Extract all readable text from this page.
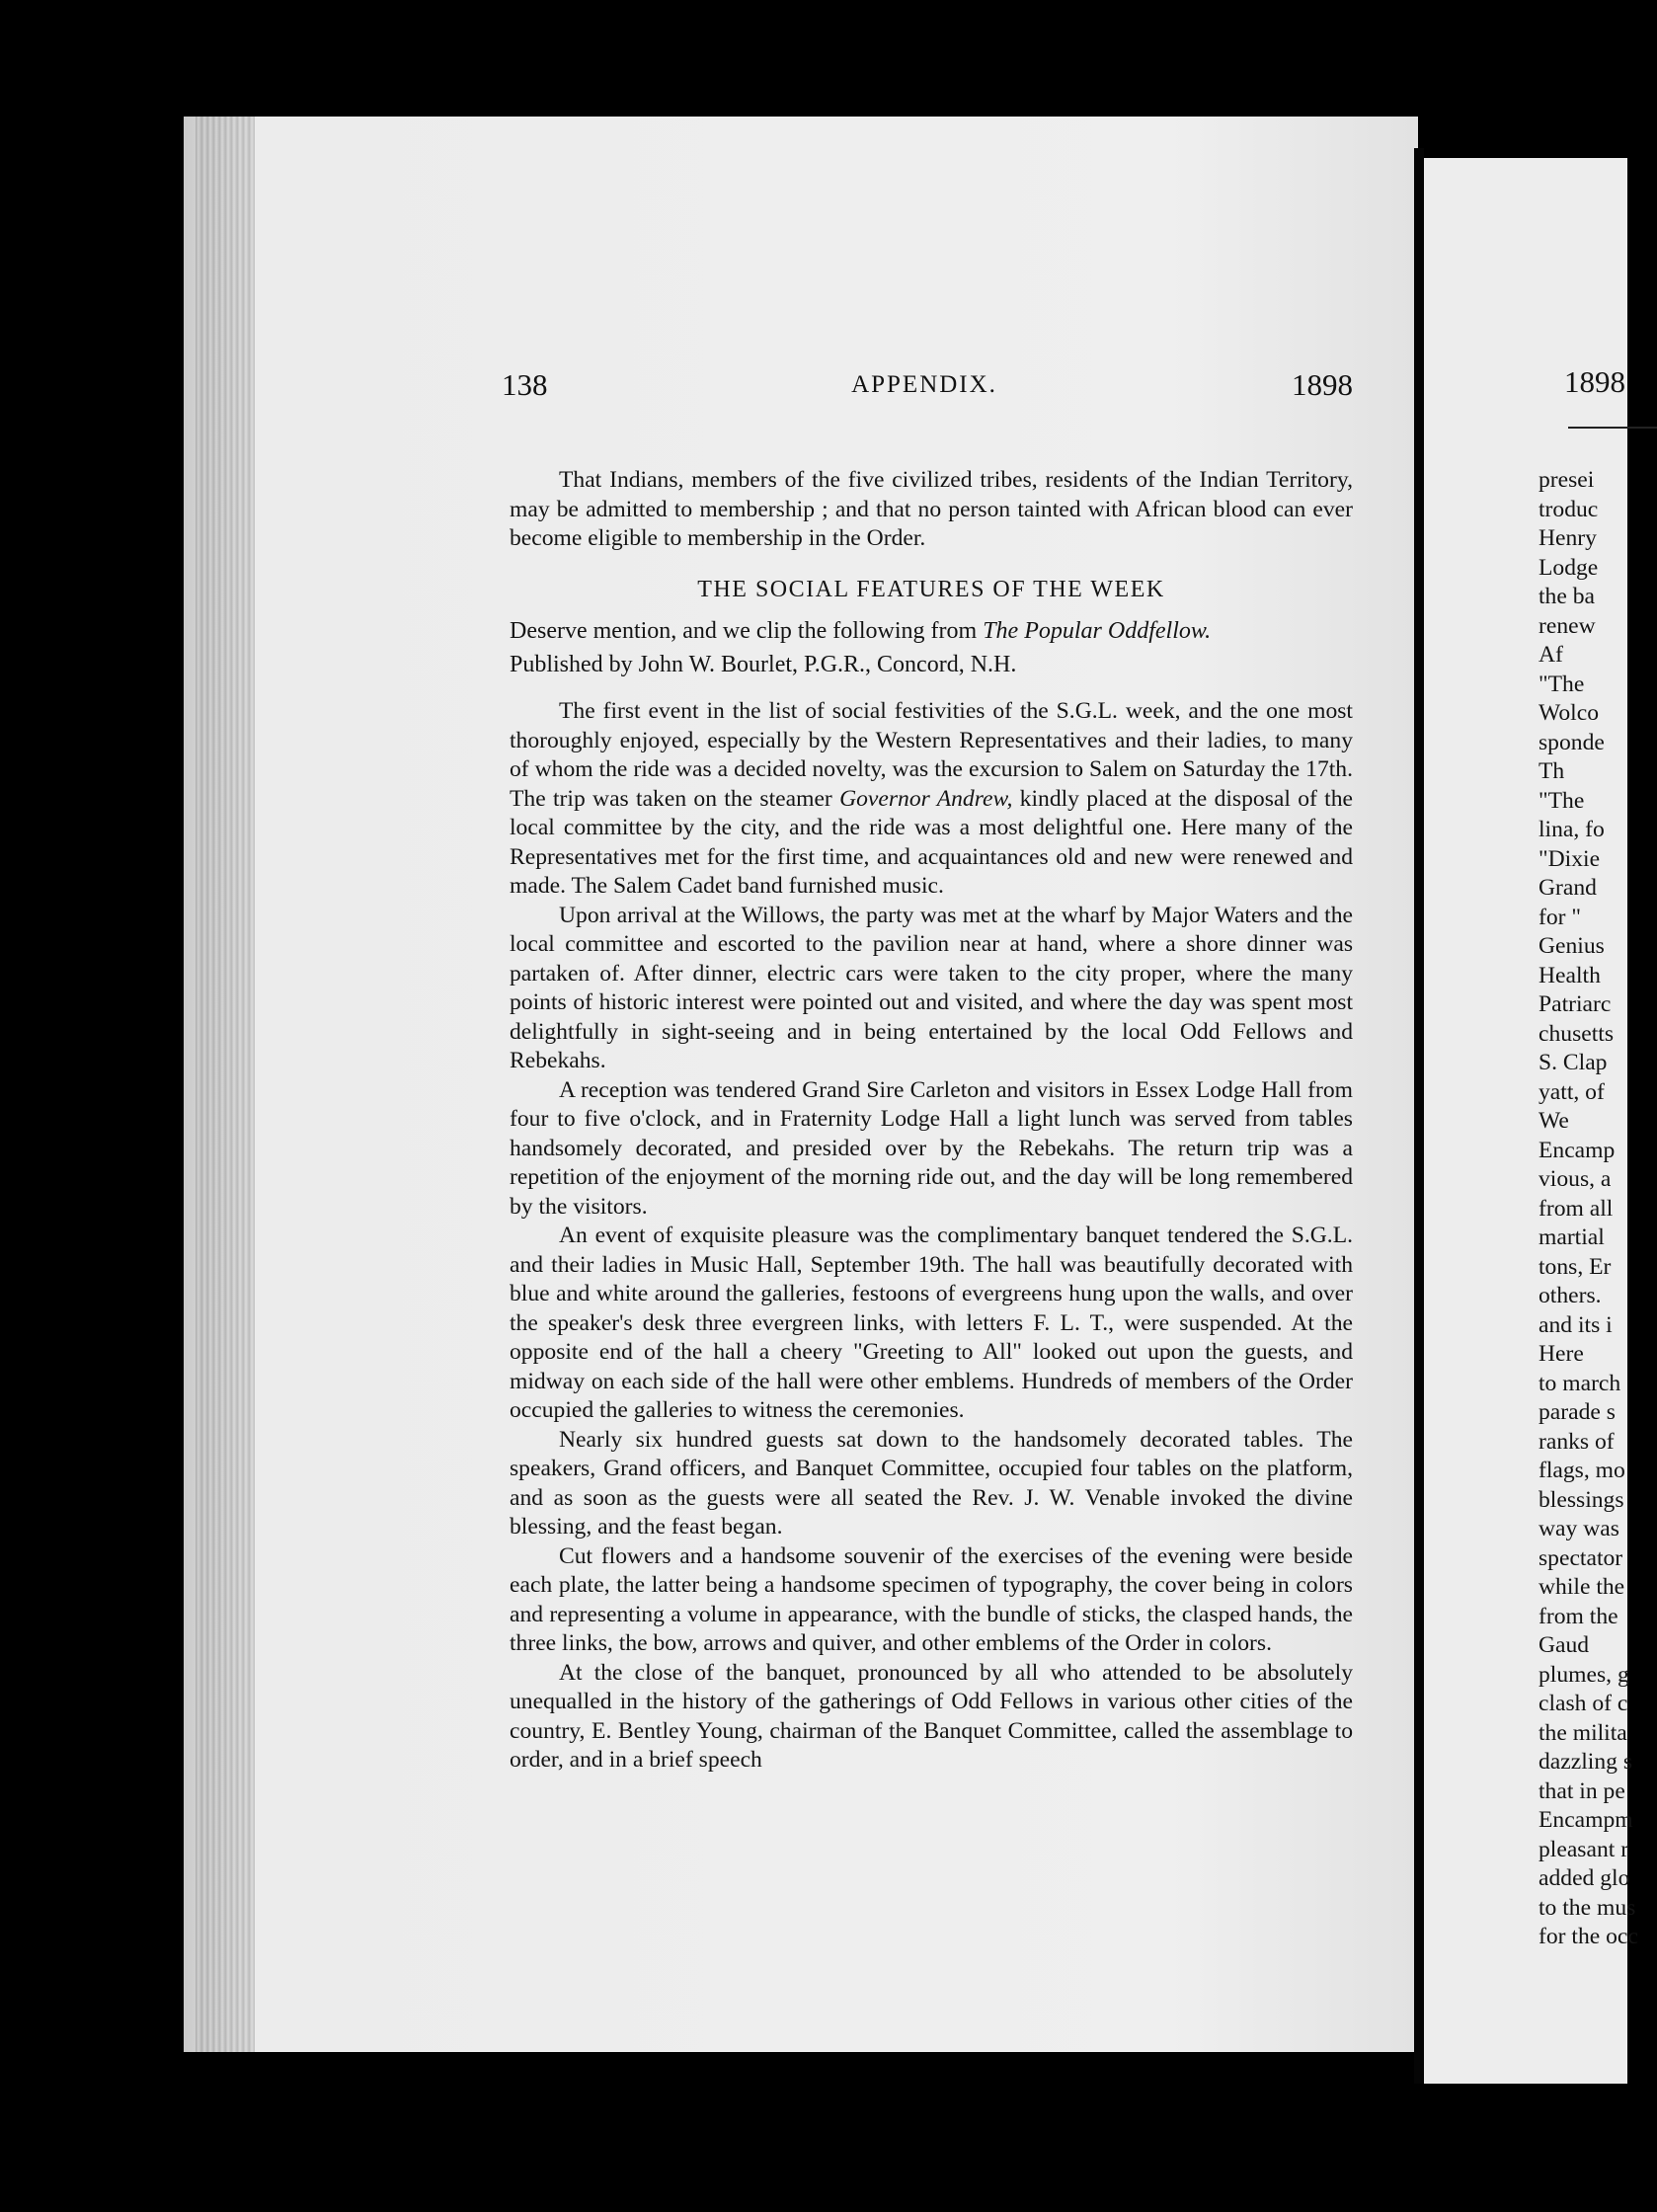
138	APPENDIX.	1898

That Indians, members of the five civilized tribes, residents of the Indian Territory, may be admitted to membership ; and that no person tainted with African blood can ever become eligible to membership in the Order.

THE SOCIAL FEATURES OF THE WEEK

Deserve mention, and we clip the following from The Popular Oddfellow.
Published by John W. Bourlet, P.G.R., Concord, N.H.

The first event in the list of social festivities of the S.G.L. week, and the one most thoroughly enjoyed, especially by the Western Representatives and their ladies, to many of whom the ride was a decided novelty, was the excursion to Salem on Saturday the 17th. The trip was taken on the steamer Governor Andrew, kindly placed at the disposal of the local committee by the city, and the ride was a most delightful one. Here many of the Representatives met for the first time, and acquaintances old and new were renewed and made. The Salem Cadet band furnished music.

Upon arrival at the Willows, the party was met at the wharf by Major Waters and the local committee and escorted to the pavilion near at hand, where a shore dinner was partaken of. After dinner, electric cars were taken to the city proper, where the many points of historic interest were pointed out and visited, and where the day was spent most delightfully in sight-seeing and in being entertained by the local Odd Fellows and Rebekahs.

A reception was tendered Grand Sire Carleton and visitors in Essex Lodge Hall from four to five o'clock, and in Fraternity Lodge Hall a light lunch was served from tables handsomely decorated, and presided over by the Rebekahs. The return trip was a repetition of the enjoyment of the morning ride out, and the day will be long remembered by the visitors.

An event of exquisite pleasure was the complimentary banquet tendered the S.G.L. and their ladies in Music Hall, September 19th. The hall was beautifully decorated with blue and white around the galleries, festoons of evergreens hung upon the walls, and over the speaker's desk three evergreen links, with letters F. L. T., were suspended. At the opposite end of the hall a cheery "Greeting to All" looked out upon the guests, and midway on each side of the hall were other emblems. Hundreds of members of the Order occupied the galleries to witness the ceremonies.

Nearly six hundred guests sat down to the handsomely decorated tables. The speakers, Grand officers, and Banquet Committee, occupied four tables on the platform, and as soon as the guests were all seated the Rev. J. W. Venable invoked the divine blessing, and the feast began.

Cut flowers and a handsome souvenir of the exercises of the evening were beside each plate, the latter being a handsome specimen of typography, the cover being in colors and representing a volume in appearance, with the bundle of sticks, the clasped hands, the three links, the bow, arrows and quiver, and other emblems of the Order in colors.

At the close of the banquet, pronounced by all who attended to be absolutely unequalled in the history of the gatherings of Odd Fellows in various other cities of the country, E. Bentley Young, chairman of the Banquet Committee, called the assemblage to order, and in a brief speech

1898
presei
troduc
Henry
Lodge
the ba
renew
Af
"The
Wolco
sponde
Th
"The
lina, fo
"Dixie
Grand
for "
Genius
Health
Patriarc
chusetts
S. Clap
yatt, of
We
Encamp
vious, a
from all
martial
tons, Er
others.
and its i
Here
to march
parade s
ranks of
flags, mo
blessings
way was
spectator
while the
from the
Gaud
plumes, g
clash of c
the milita
dazzling s
that in pe
Encampm
pleasant r
added glo
to the mus
for the occ
